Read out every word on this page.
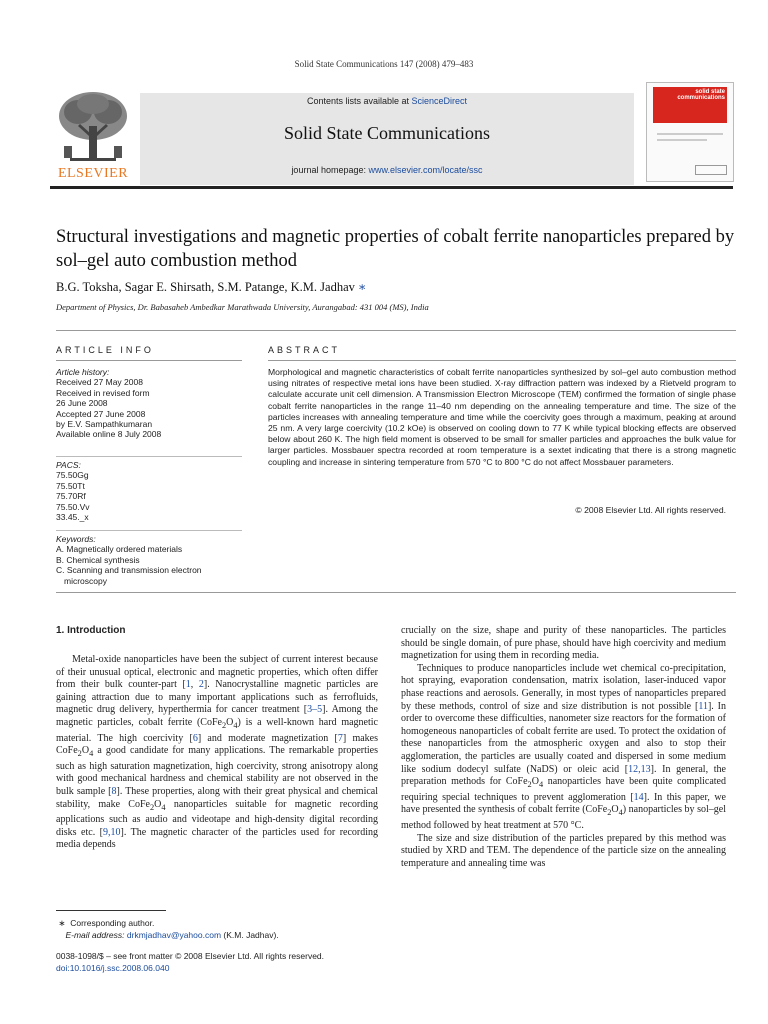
Solid State Communications 147 (2008) 479–483
ELSEVIER
Contents lists available at ScienceDirect
Solid State Communications
journal homepage: www.elsevier.com/locate/ssc
solid state communications
Structural investigations and magnetic properties of cobalt ferrite nanoparticles prepared by sol–gel auto combustion method
B.G. Toksha, Sagar E. Shirsath, S.M. Patange, K.M. Jadhav ∗
Department of Physics, Dr. Babasaheb Ambedkar Marathwada University, Aurangabad: 431 004 (MS), India
ARTICLE INFO	ABSTRACT
Article history:
Received 27 May 2008
Received in revised form
26 June 2008
Accepted 27 June 2008
by E.V. Sampathkumaran
Available online 8 July 2008
PACS:
75.50Gg
75.50Tt
75.70Rf
75.50.Vv
33.45._x
Keywords:
A. Magnetically ordered materials
B. Chemical synthesis
C. Scanning and transmission electron
microscopy
Morphological and magnetic characteristics of cobalt ferrite nanoparticles synthesized by sol–gel auto combustion method using nitrates of respective metal ions have been studied. X-ray diffraction pattern was indexed by a Rietveld program to calculate accurate unit cell dimension. A Transmission Electron Microscope (TEM) confirmed the formation of single phase cobalt ferrite nanoparticles in the range 11–40 nm depending on the annealing temperature and time. The size of the particles increases with annealing temperature and time while the coercivity goes through a maximum, peaking at around 25 nm. A very large coercivity (10.2 kOe) is observed on cooling down to 77 K while typical blocking effects are observed below about 260 K. The high field moment is observed to be small for smaller particles and approaches the bulk value for larger particles. Mossbauer spectra recorded at room temperature is a sextet indicating that there is a strong magnetic coupling and increase in sintering temperature from 570 °C to 800 °C do not affect Mossbauer parameters.
© 2008 Elsevier Ltd. All rights reserved.
1. Introduction

Metal-oxide nanoparticles have been the subject of current interest because of their unusual optical, electronic and magnetic properties, which often differ from their bulk counter-part [1, 2]. Nanocrystalline magnetic particles are gaining attraction due to many important applications such as ferrofluids, magnetic drug delivery, hyperthermia for cancer treatment [3–5]. Among the magnetic particles, cobalt ferrite $(CoFe_2O_4)$ is a well-known hard magnetic material. The high coercivity [6] and moderate magnetization [7] makes $CoFe_2O_4$ a good candidate for many applications. The remarkable properties such as high saturation magnetization, high coercivity, strong anisotropy along with good mechanical hardness and chemical stability are not observed in the bulk sample [8]. These properties, along with their great physical and chemical stability, make $CoFe_2O_4$ nanoparticles suitable for magnetic recording applications such as audio and videotape and high-density digital recording disks etc. [9,10]. The magnetic character of the particles used for recording media depends

crucially on the size, shape and purity of these nanoparticles. The particles should be single domain, of pure phase, should have high coercivity and medium magnetization for using them in recording media.

Techniques to produce nanoparticles include wet chemical co-precipitation, hot spraying, evaporation condensation, matrix isolation, laser-induced vapor phase reactions and aerosols. Generally, in most types of nanoparticles prepared by these methods, control of size and size distribution is not possible [11]. In order to overcome these difficulties, nanometer size reactors for the formation of homogeneous nanoparticles of cobalt ferrite are used. To protect the oxidation of these nanoparticles from the atmospheric oxygen and also to stop their agglomeration, the particles are usually coated and dispersed in some medium like sodium dodecyl sulfate (NaDS) or oleic acid [12,13]. In general, the preparation methods for $CoFe_2O_4$ nanoparticles have been quite complicated requiring special techniques to prevent agglomeration [14]. In this paper, we have presented the synthesis of cobalt ferrite $(CoFe_2O_4)$ nanoparticles by sol–gel method followed by heat treatment at 570 °C.

The size and size distribution of the particles prepared by this method was studied by XRD and TEM. The dependence of the particle size on the annealing temperature and annealing time was

∗ Corresponding author.
E-mail address: drkmjadhav@yahoo.com (K.M. Jadhav).
0038-1098/$ – see front matter © 2008 Elsevier Ltd. All rights reserved.
doi:10.1016/j.ssc.2008.06.040
